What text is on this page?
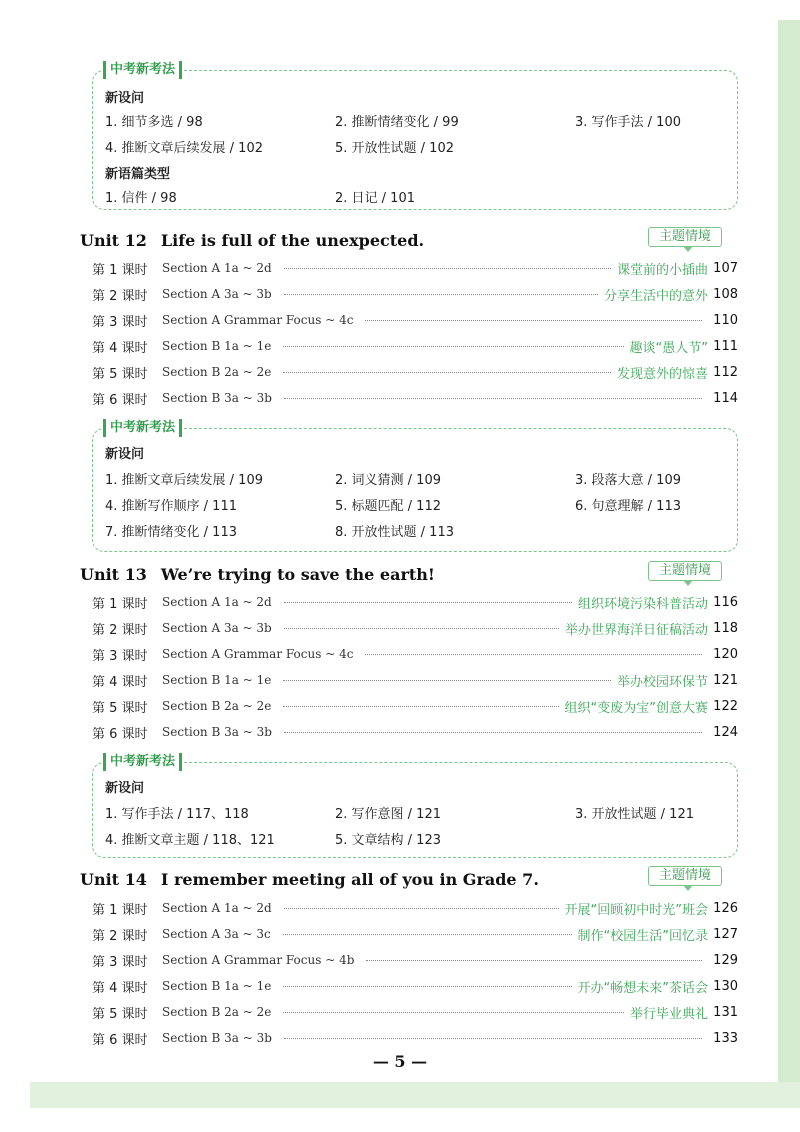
中考新考法
新设问
1. 细节多选 / 98	2. 推断情绪变化 / 99	3. 写作手法 / 100
4. 推断文章后续发展 / 102	5. 开放性试题 / 102
新语篇类型
1. 信件 / 98	2. 日记 / 101
Unit 12 Life is full of the unexpected.	主题情境
第 1 课时	Section A 1a ~ 2d	课堂前的小插曲 107
第 2 课时	Section A 3a ~ 3b	分享生活中的意外 108
第 3 课时	Section A Grammar Focus ~ 4c	110
第 4 课时	Section B 1a ~ 1e	趣谈“愚人节” 111
第 5 课时	Section B 2a ~ 2e	发现意外的惊喜 112
第 6 课时	Section B 3a ~ 3b	114
中考新考法
新设问
1. 推断文章后续发展 / 109	2. 词义猜测 / 109	3. 段落大意 / 109
4. 推断写作顺序 / 111	5. 标题匹配 / 112	6. 句意理解 / 113
7. 推断情绪变化 / 113	8. 开放性试题 / 113
Unit 13 We’re trying to save the earth!	主题情境
第 1 课时	Section A 1a ~ 2d	组织环境污染科普活动 116
第 2 课时	Section A 3a ~ 3b	举办世界海洋日征稿活动 118
第 3 课时	Section A Grammar Focus ~ 4c	120
第 4 课时	Section B 1a ~ 1e	举办校园环保节 121
第 5 课时	Section B 2a ~ 2e	组织“变废为宝”创意大赛 122
第 6 课时	Section B 3a ~ 3b	124
中考新考法
新设问
1. 写作手法 / 117、118	2. 写作意图 / 121	3. 开放性试题 / 121
4. 推断文章主题 / 118、121	5. 文章结构 / 123
Unit 14 I remember meeting all of you in Grade 7.	主题情境
第 1 课时	Section A 1a ~ 2d	开展“回顾初中时光”班会 126
第 2 课时	Section A 3a ~ 3c	制作“校园生活”回忆录 127
第 3 课时	Section A Grammar Focus ~ 4b	129
第 4 课时	Section B 1a ~ 1e	开办“畅想未来”茶话会 130
第 5 课时	Section B 2a ~ 2e	举行毕业典礼 131
第 6 课时	Section B 3a ~ 3b	133
— 5 —
